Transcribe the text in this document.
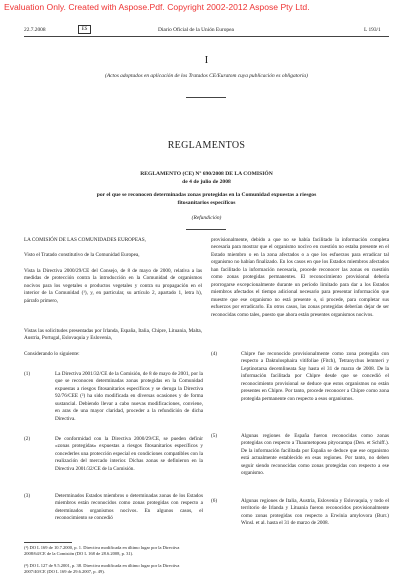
Evaluation Only. Created with Aspose.Pdf. Copyright 2002-2012 Aspose Pty Ltd.
22.7.2008	ES	Diario Oficial de la Unión Europea	L 193/1
I
(Actos adoptados en aplicación de los Tratados CE/Euratom cuya publicación es obligatoria)
REGLAMENTOS
REGLAMENTO (CE) Nº 690/2008 DE LA COMISIÓN
de 4 de julio de 2008
por el que se reconocen determinadas zonas protegidas en la Comunidad expuestas a riesgos
fitosanitarios específicos
(Refundición)
LA COMISIÓN DE LAS COMUNIDADES EUROPEAS,
Visto el Tratado constitutivo de la Comunidad Europea,
Vista la Directiva 2000/29/CE del Consejo, de 8 de mayo de 2000, relativa a las medidas de protección contra la introducción en la Comunidad de organismos nocivos para los vegetales o productos vegetales y contra su propagación en el interior de la Comunidad (¹), y, en particular, su artículo 2, apartado 1, letra h), párrafo primero,
Vistas las solicitudes presentadas por Irlanda, España, Italia, Chipre, Lituania, Malta, Austria, Portugal, Eslovaquia y Eslovenia,
Considerando lo siguiente:
(1)	La Directiva 2001/32/CE de la Comisión, de 8 de mayo de 2001, por la que se reconocen determinadas zonas protegidas en la Comunidad expuestas a riesgos fitosanitarios específicos y se deroga la Directiva 92/76/CEE (²) ha sido modificada en diversas ocasiones y de forma sustancial. Debiendo llevar a cabo nuevas modificaciones, conviene, en aras de una mayor claridad, proceder a la refundición de dicha Directiva.
(2)	De conformidad con la Directiva 2000/29/CE, se pueden definir «zonas protegidas» expuestas a riesgos fitosanitarios específicos y concederles una protección especial en condiciones compatibles con la realización del mercado interior. Dichas zonas se definieron en la Directiva 2001/32/CE de la Comisión.
(3)	Determinados Estados miembros o determinadas zonas de los Estados miembros están reconocidos como zonas protegidas con respecto a determinados organismos nocivos. En algunos casos, el reconocimiento se concedió
(¹) DO L 169 de 10.7.2000, p. 1. Directiva modificada en último lugar por la Directiva 2008/64/CE de la Comisión (DO L 168 de 28.6.2008, p. 31).
(²) DO L 127 de 9.5.2001, p. 38. Directiva modificada en último lugar por la Directiva 2007/40/CE (DO L 169 de 29.6.2007, p. 49).
provisionalmente, debido a que no se había facilitado la información completa necesaria para mostrar que el organismo nocivo en cuestión no estaba presente en el Estado miembro o en la zona afectados o a que los esfuerzos para erradicar tal organismo no habían finalizado. En los casos en que los Estados miembros afectados han facilitado la información necesaria, procede reconocer las zonas en cuestión como zonas protegidas permanentes. El reconocimiento provisional debería prorrogarse excepcionalmente durante un período limitado para dar a los Estados miembros afectados el tiempo adicional necesario para presentar información que muestre que ese organismo no está presente o, si procede, para completar sus esfuerzos por erradicarlo. En otros casos, las zonas protegidas deberían dejar de ser reconocidas como tales, puesto que ahora están presentes organismos nocivos.
(4)	Chipre fue reconocido provisionalmente como zona protegida con respecto a Daktulosphaira vitifoliae (Fitch), Tetranychus lemmeri y Leptinotarsa decemlineata Say hasta el 31 de marzo de 2008. De la información facilitada por Chipre desde que se concedió el reconocimiento provisional se deduce que estos organismos no están presentes en Chipre. Por tanto, procede reconocer a Chipre como zona protegida permanente con respecto a esos organismos.
(5)	Algunas regiones de España fueron reconocidas como zonas protegidas con respecto a Thaumetopoea pityocampa (Den. et Schiff.). De la información facilitada por España se deduce que ese organismo está actualmente establecido en esas regiones. Por tanto, no deben seguir siendo reconocidas como zonas protegidas con respecto a ese organismo.
(6)	Algunas regiones de Italia, Austria, Eslovenia y Eslovaquia, y todo el territorio de Irlanda y Lituania fueron reconocidos provisionalmente como zonas protegidas con respecto a Erwinia amylovora (Burr.) Winsl. et al. hasta el 31 de marzo de 2008.
